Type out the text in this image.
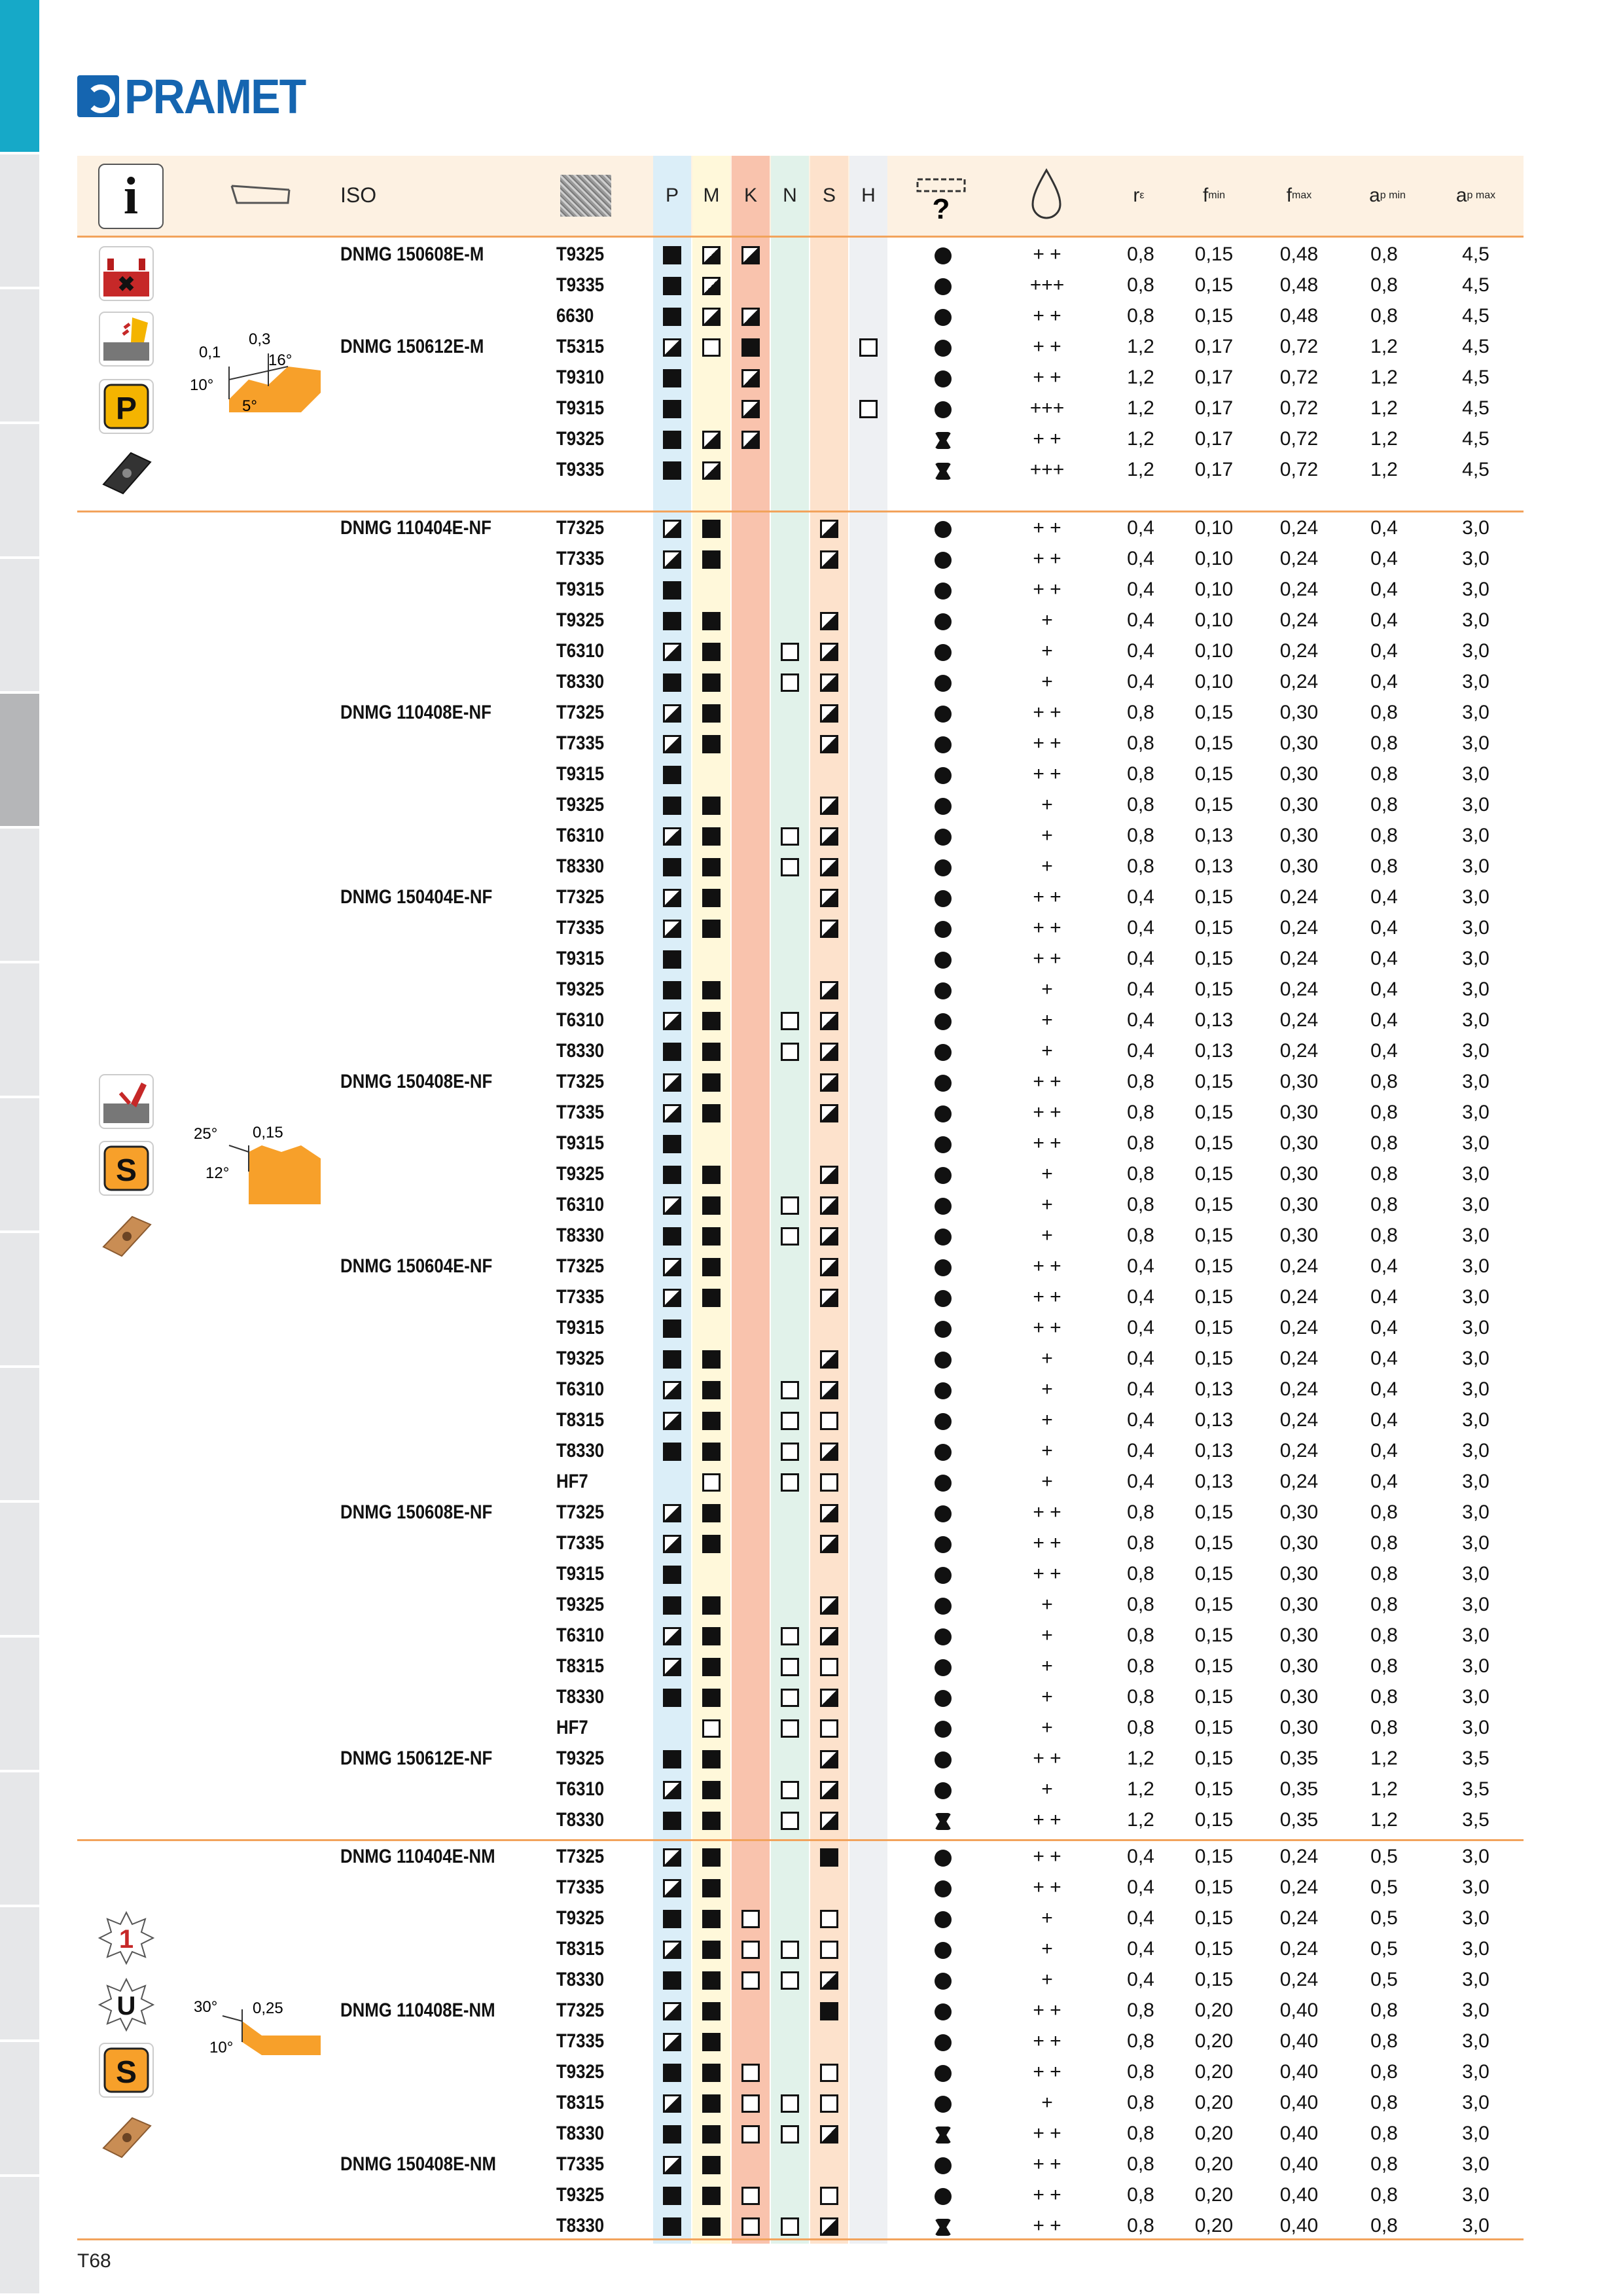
PRAMET
i	ISO	P	M	K	N	S	H	?	r ε	f min	f max	a p min	a p max
✖
P
0,1
0,3
16°
10°
5°
S
25° 0,15
12°
1
U
S
30° 0,25
10°
DNMG 150608E-M	T9325	+ +	0,8	0,15	0,48	0,8	4,5
T9335	+++	0,8	0,15	0,48	0,8	4,5
6630	+ +	0,8	0,15	0,48	0,8	4,5
DNMG 150612E-M	T5315	+ +	1,2	0,17	0,72	1,2	4,5
T9310	+ +	1,2	0,17	0,72	1,2	4,5
T9315	+++	1,2	0,17	0,72	1,2	4,5
T9325	+ +	1,2	0,17	0,72	1,2	4,5
T9335	+++	1,2	0,17	0,72	1,2	4,5
DNMG 110404E-NF	T7325	+ +	0,4	0,10	0,24	0,4	3,0
T7335	+ +	0,4	0,10	0,24	0,4	3,0
T9315	+ +	0,4	0,10	0,24	0,4	3,0
T9325	+	0,4	0,10	0,24	0,4	3,0
T6310	+	0,4	0,10	0,24	0,4	3,0
T8330	+	0,4	0,10	0,24	0,4	3,0
DNMG 110408E-NF	T7325	+ +	0,8	0,15	0,30	0,8	3,0
T7335	+ +	0,8	0,15	0,30	0,8	3,0
T9315	+ +	0,8	0,15	0,30	0,8	3,0
T9325	+	0,8	0,15	0,30	0,8	3,0
T6310	+	0,8	0,13	0,30	0,8	3,0
T8330	+	0,8	0,13	0,30	0,8	3,0
DNMG 150404E-NF	T7325	+ +	0,4	0,15	0,24	0,4	3,0
T7335	+ +	0,4	0,15	0,24	0,4	3,0
T9315	+ +	0,4	0,15	0,24	0,4	3,0
T9325	+	0,4	0,15	0,24	0,4	3,0
T6310	+	0,4	0,13	0,24	0,4	3,0
T8330	+	0,4	0,13	0,24	0,4	3,0
DNMG 150408E-NF	T7325	+ +	0,8	0,15	0,30	0,8	3,0
T7335	+ +	0,8	0,15	0,30	0,8	3,0
T9315	+ +	0,8	0,15	0,30	0,8	3,0
T9325	+	0,8	0,15	0,30	0,8	3,0
T6310	+	0,8	0,15	0,30	0,8	3,0
T8330	+	0,8	0,15	0,30	0,8	3,0
DNMG 150604E-NF	T7325	+ +	0,4	0,15	0,24	0,4	3,0
T7335	+ +	0,4	0,15	0,24	0,4	3,0
T9315	+ +	0,4	0,15	0,24	0,4	3,0
T9325	+	0,4	0,15	0,24	0,4	3,0
T6310	+	0,4	0,13	0,24	0,4	3,0
T8315	+	0,4	0,13	0,24	0,4	3,0
T8330	+	0,4	0,13	0,24	0,4	3,0
HF7	+	0,4	0,13	0,24	0,4	3,0
DNMG 150608E-NF	T7325	+ +	0,8	0,15	0,30	0,8	3,0
T7335	+ +	0,8	0,15	0,30	0,8	3,0
T9315	+ +	0,8	0,15	0,30	0,8	3,0
T9325	+	0,8	0,15	0,30	0,8	3,0
T6310	+	0,8	0,15	0,30	0,8	3,0
T8315	+	0,8	0,15	0,30	0,8	3,0
T8330	+	0,8	0,15	0,30	0,8	3,0
HF7	+	0,8	0,15	0,30	0,8	3,0
DNMG 150612E-NF	T9325	+ +	1,2	0,15	0,35	1,2	3,5
T6310	+	1,2	0,15	0,35	1,2	3,5
T8330	+ +	1,2	0,15	0,35	1,2	3,5
DNMG 110404E-NM	T7325	+ +	0,4	0,15	0,24	0,5	3,0
T7335	+ +	0,4	0,15	0,24	0,5	3,0
T9325	+	0,4	0,15	0,24	0,5	3,0
T8315	+	0,4	0,15	0,24	0,5	3,0
T8330	+	0,4	0,15	0,24	0,5	3,0
DNMG 110408E-NM	T7325	+ +	0,8	0,20	0,40	0,8	3,0
T7335	+ +	0,8	0,20	0,40	0,8	3,0
T9325	+ +	0,8	0,20	0,40	0,8	3,0
T8315	+	0,8	0,20	0,40	0,8	3,0
T8330	+ +	0,8	0,20	0,40	0,8	3,0
DNMG 150408E-NM	T7335	+ +	0,8	0,20	0,40	0,8	3,0
T9325	+ +	0,8	0,20	0,40	0,8	3,0
T8330	+ +	0,8	0,20	0,40	0,8	3,0
T68
